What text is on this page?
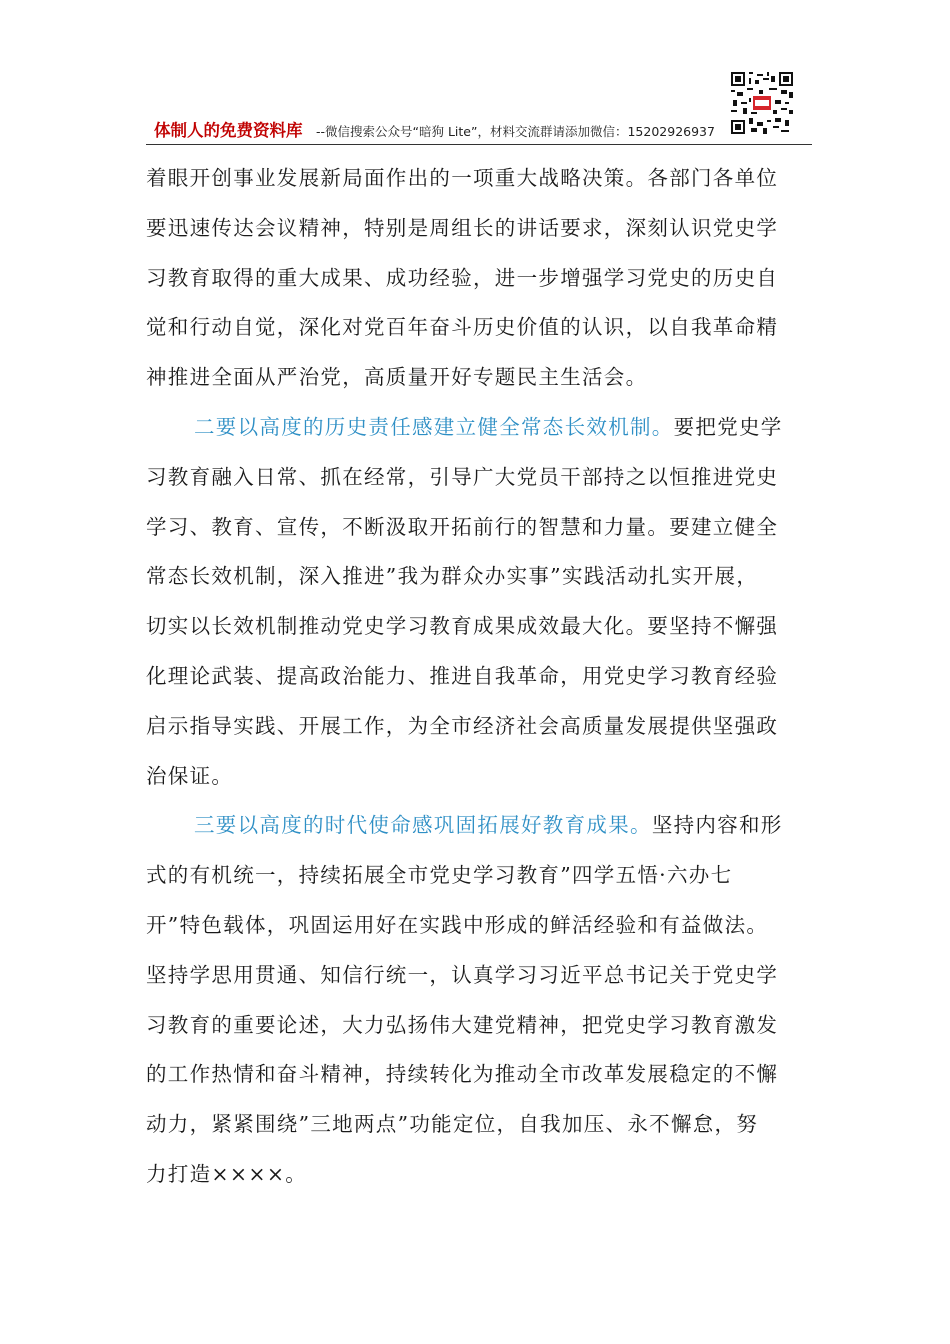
体制人的免费资料库 --微信搜索公众号“暗狗 Lite”，材料交流群请添加微信：15202926937
着眼开创事业发展新局面作出的一项重大战略决策。各部门各单位
要迅速传达会议精神，特别是周组长的讲话要求，深刻认识党史学
习教育取得的重大成果、成功经验，进一步增强学习党史的历史自
觉和行动自觉，深化对党百年奋斗历史价值的认识，以自我革命精
神推进全面从严治党，高质量开好专题民主生活会。
二要以高度的历史责任感建立健全常态长效机制。要把党史学
习教育融入日常、抓在经常，引导广大党员干部持之以恒推进党史
学习、教育、宣传，不断汲取开拓前行的智慧和力量。要建立健全
常态长效机制，深入推进”我为群众办实事”实践活动扎实开展，
切实以长效机制推动党史学习教育成果成效最大化。要坚持不懈强
化理论武装、提高政治能力、推进自我革命，用党史学习教育经验
启示指导实践、开展工作，为全市经济社会高质量发展提供坚强政
治保证。
三要以高度的时代使命感巩固拓展好教育成果。坚持内容和形
式的有机统一，持续拓展全市党史学习教育”四学五悟·六办七
开”特色载体，巩固运用好在实践中形成的鲜活经验和有益做法。
坚持学思用贯通、知信行统一，认真学习习近平总书记关于党史学
习教育的重要论述，大力弘扬伟大建党精神，把党史学习教育激发
的工作热情和奋斗精神，持续转化为推动全市改革发展稳定的不懈
动力，紧紧围绕”三地两点”功能定位，自我加压、永不懈怠，努
力打造××××。
